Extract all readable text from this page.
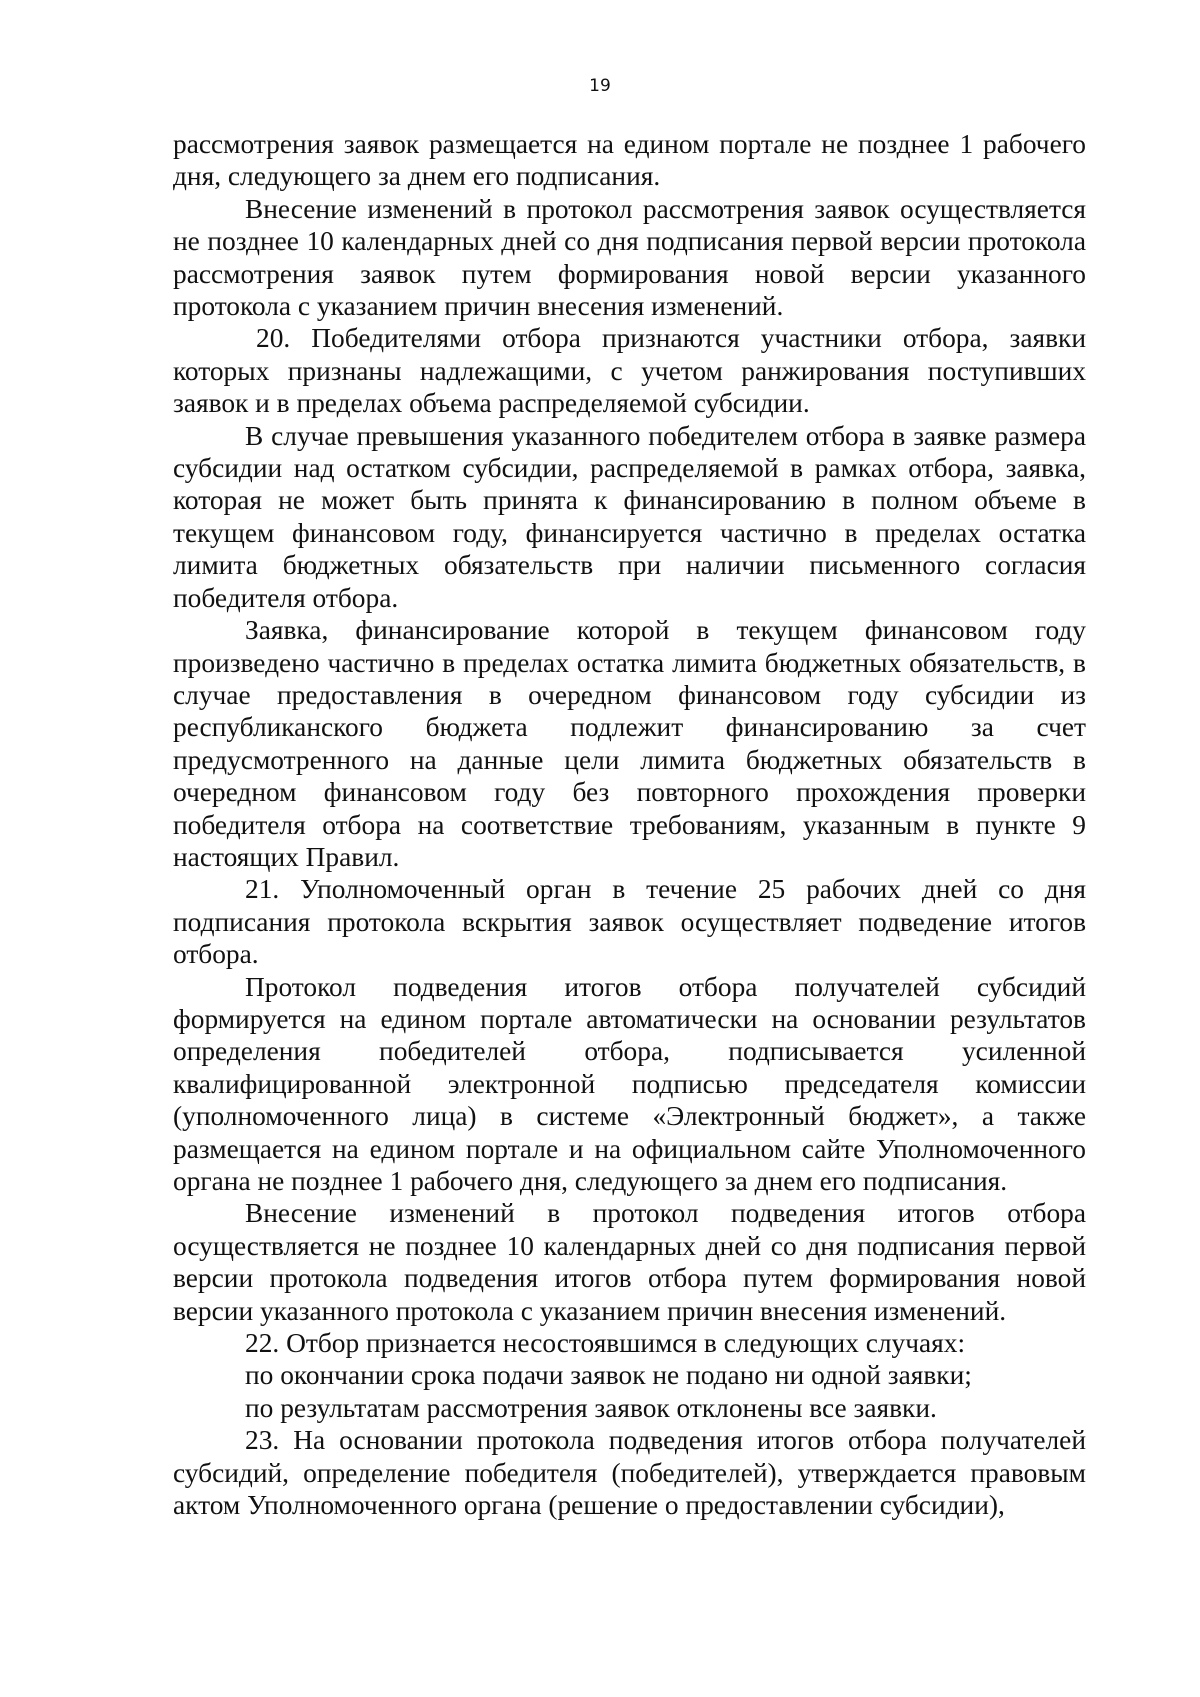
19

рассмотрения заявок размещается на едином портале не позднее 1 рабочего дня, следующего за днем его подписания.

Внесение изменений в протокол рассмотрения заявок осуществляется не позднее 10 календарных дней со дня подписания первой версии протокола рассмотрения заявок путем формирования новой версии указанного протокола с указанием причин внесения изменений.

20. Победителями отбора признаются участники отбора, заявки которых признаны надлежащими, с учетом ранжирования поступивших заявок и в пределах объема распределяемой субсидии.

В случае превышения указанного победителем отбора в заявке размера субсидии над остатком субсидии, распределяемой в рамках отбора, заявка, которая не может быть принята к финансированию в полном объеме в текущем финансовом году, финансируется частично в пределах остатка лимита бюджетных обязательств при наличии письменного согласия победителя отбора.

Заявка, финансирование которой в текущем финансовом году произведено частично в пределах остатка лимита бюджетных обязательств, в случае предоставления в очередном финансовом году субсидии из республиканского бюджета подлежит финансированию за счет предусмотренного на данные цели лимита бюджетных обязательств в очередном финансовом году без повторного прохождения проверки победителя отбора на соответствие требованиям, указанным в пункте 9 настоящих Правил.

21. Уполномоченный орган в течение 25 рабочих дней со дня подписания протокола вскрытия заявок осуществляет подведение итогов отбора.

Протокол подведения итогов отбора получателей субсидий формируется на едином портале автоматически на основании результатов определения победителей отбора, подписывается усиленной квалифицированной электронной подписью председателя комиссии (уполномоченного лица) в системе «Электронный бюджет», а также размещается на едином портале и на официальном сайте Уполномоченного органа не позднее 1 рабочего дня, следующего за днем его подписания.

Внесение изменений в протокол подведения итогов отбора осуществляется не позднее 10 календарных дней со дня подписания первой версии протокола подведения итогов отбора путем формирования новой версии указанного протокола с указанием причин внесения изменений.

22. Отбор признается несостоявшимся в следующих случаях:

по окончании срока подачи заявок не подано ни одной заявки;

по результатам рассмотрения заявок отклонены все заявки.

23. На основании протокола подведения итогов отбора получателей субсидий, определение победителя (победителей), утверждается правовым актом Уполномоченного органа (решение о предоставлении субсидии),
